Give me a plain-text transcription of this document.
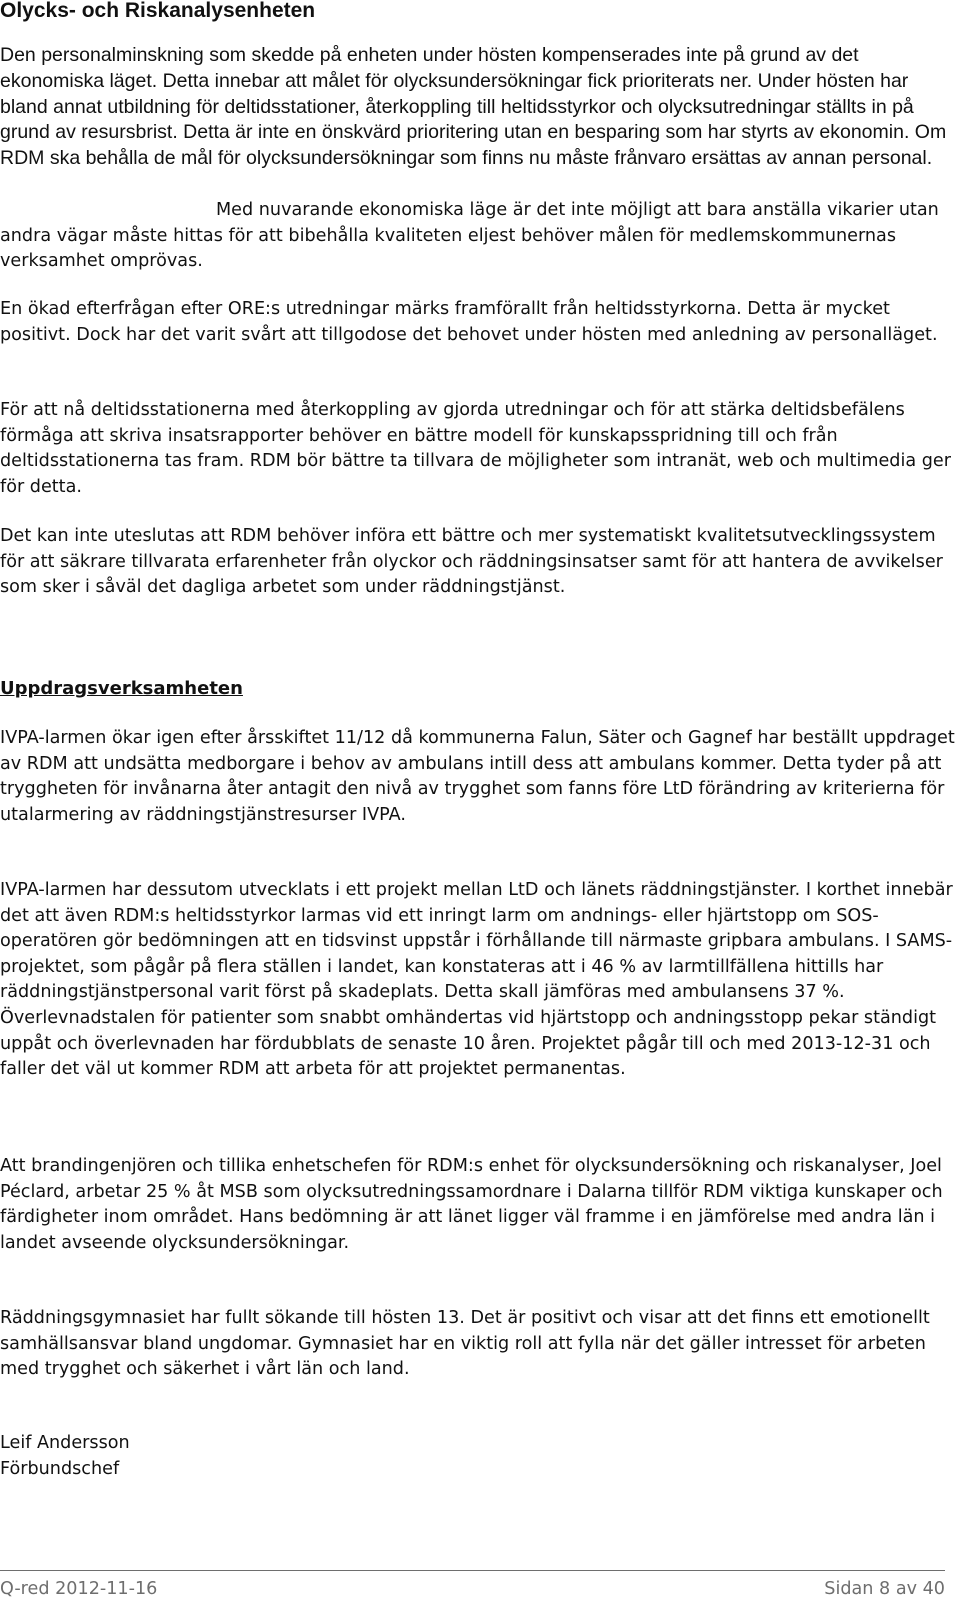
Olycks- och Riskanalysenheten

Den personalminskning som skedde på enheten under hösten kompenserades inte på grund av det ekonomiska läget. Detta innebar att målet för olycksundersökningar fick prioriterats ner. Under hösten har bland annat utbildning för deltidsstationer, återkoppling till heltidsstyrkor och olycksutredningar ställts in på grund av resursbrist. Detta är inte en önskvärd prioritering utan en besparing som har styrts av ekonomin. Om RDM ska behålla de mål för olycksundersökningar som finns nu måste frånvaro ersättas av annan personal.

Med nuvarande ekonomiska läge är det inte möjligt att bara anställa vikarier utan andra vägar måste hittas för att bibehålla kvaliteten eljest behöver målen för medlemskommunernas verksamhet omprövas.

En ökad efterfrågan efter ORE:s utredningar märks framförallt från heltidsstyrkorna. Detta är mycket positivt. Dock har det varit svårt att tillgodose det behovet under hösten med anledning av personalläget.

För att nå deltidsstationerna med återkoppling av gjorda utredningar och för att stärka deltidsbefälens förmåga att skriva insatsrapporter behöver en bättre modell för kunskapsspridning till och från deltidsstationerna tas fram. RDM bör bättre ta tillvara de möjligheter som intranät, web och multimedia ger för detta.

Det kan inte uteslutas att RDM behöver införa ett bättre och mer systematiskt kvalitetsutvecklingssystem för att säkrare tillvarata erfarenheter från olyckor och räddningsinsatser samt för att hantera de avvikelser som sker i såväl det dagliga arbetet som under räddningstjänst.

Uppdragsverksamheten

IVPA-larmen ökar igen efter årsskiftet 11/12 då kommunerna Falun, Säter och Gagnef har beställt uppdraget av RDM att undsätta medborgare i behov av ambulans intill dess att ambulans kommer. Detta tyder på att tryggheten för invånarna åter antagit den nivå av trygghet som fanns före LtD förändring av kriterierna för utalarmering av räddningstjänstresurser IVPA.

IVPA-larmen har dessutom utvecklats i ett projekt mellan LtD och länets räddningstjänster. I korthet innebär det att även RDM:s heltidsstyrkor larmas vid ett inringt larm om andnings- eller hjärtstopp om SOS-operatören gör bedömningen att en tidsvinst uppstår i förhållande till närmaste gripbara ambulans. I SAMS-projektet, som pågår på flera ställen i landet, kan konstateras att i 46 % av larmtillfällena hittills har räddningstjänstpersonal varit först på skadeplats. Detta skall jämföras med ambulansens 37 %. Överlevnadstalen för patienter som snabbt omhändertas vid hjärtstopp och andningsstopp pekar ständigt uppåt och överlevnaden har fördubblats de senaste 10 åren. Projektet pågår till och med 2013-12-31 och faller det väl ut kommer RDM att arbeta för att projektet permanentas.

Att brandingenjören och tillika enhetschefen för RDM:s enhet för olycksundersökning och riskanalyser, Joel Péclard, arbetar 25 % åt MSB som olycksutredningssamordnare i Dalarna tillför RDM viktiga kunskaper och färdigheter inom området. Hans bedömning är att länet ligger väl framme i en jämförelse med andra län i landet avseende olycksundersökningar.

Räddningsgymnasiet har fullt sökande till hösten 13. Det är positivt och visar att det finns ett emotionellt samhällsansvar bland ungdomar. Gymnasiet har en viktig roll att fylla när det gäller intresset för arbeten med trygghet och säkerhet i vårt län och land.

Leif Andersson
Förbundschef
Q-red 2012-11-16	Sidan 8 av 40
